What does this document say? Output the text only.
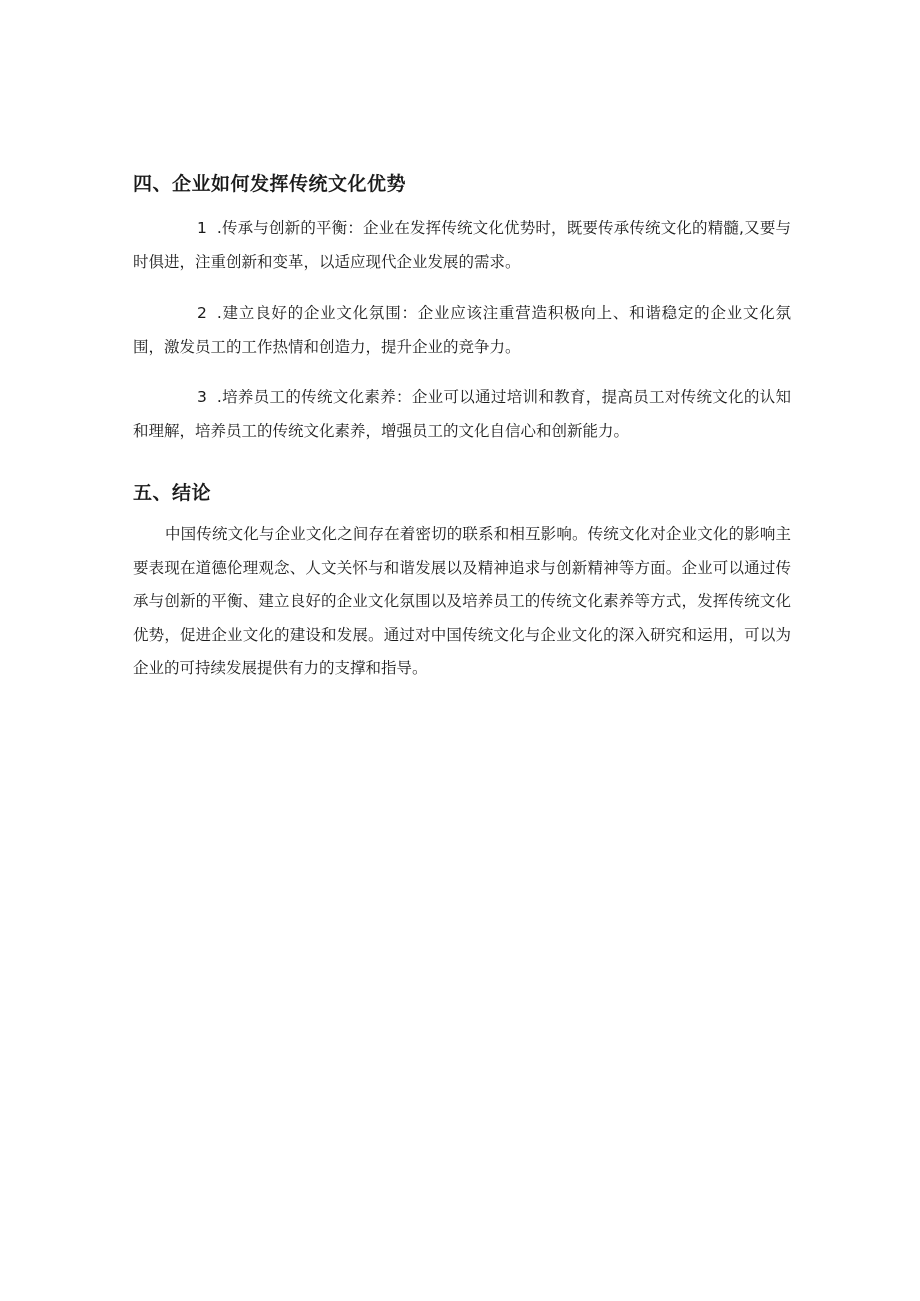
四、企业如何发挥传统文化优势

1 .传承与创新的平衡：企业在发挥传统文化优势时，既要传承传统文化的精髓,又要与时俱进，注重创新和变革，以适应现代企业发展的需求。

2 .建立良好的企业文化氛围：企业应该注重营造积极向上、和谐稳定的企业文化氛围，激发员工的工作热情和创造力，提升企业的竞争力。

3 .培养员工的传统文化素养：企业可以通过培训和教育，提高员工对传统文化的认知和理解，培养员工的传统文化素养，增强员工的文化自信心和创新能力。

五、结论

中国传统文化与企业文化之间存在着密切的联系和相互影响。传统文化对企业文化的影响主要表现在道德伦理观念、人文关怀与和谐发展以及精神追求与创新精神等方面。企业可以通过传承与创新的平衡、建立良好的企业文化氛围以及培养员工的传统文化素养等方式，发挥传统文化优势，促进企业文化的建设和发展。通过对中国传统文化与企业文化的深入研究和运用，可以为企业的可持续发展提供有力的支撑和指导。
